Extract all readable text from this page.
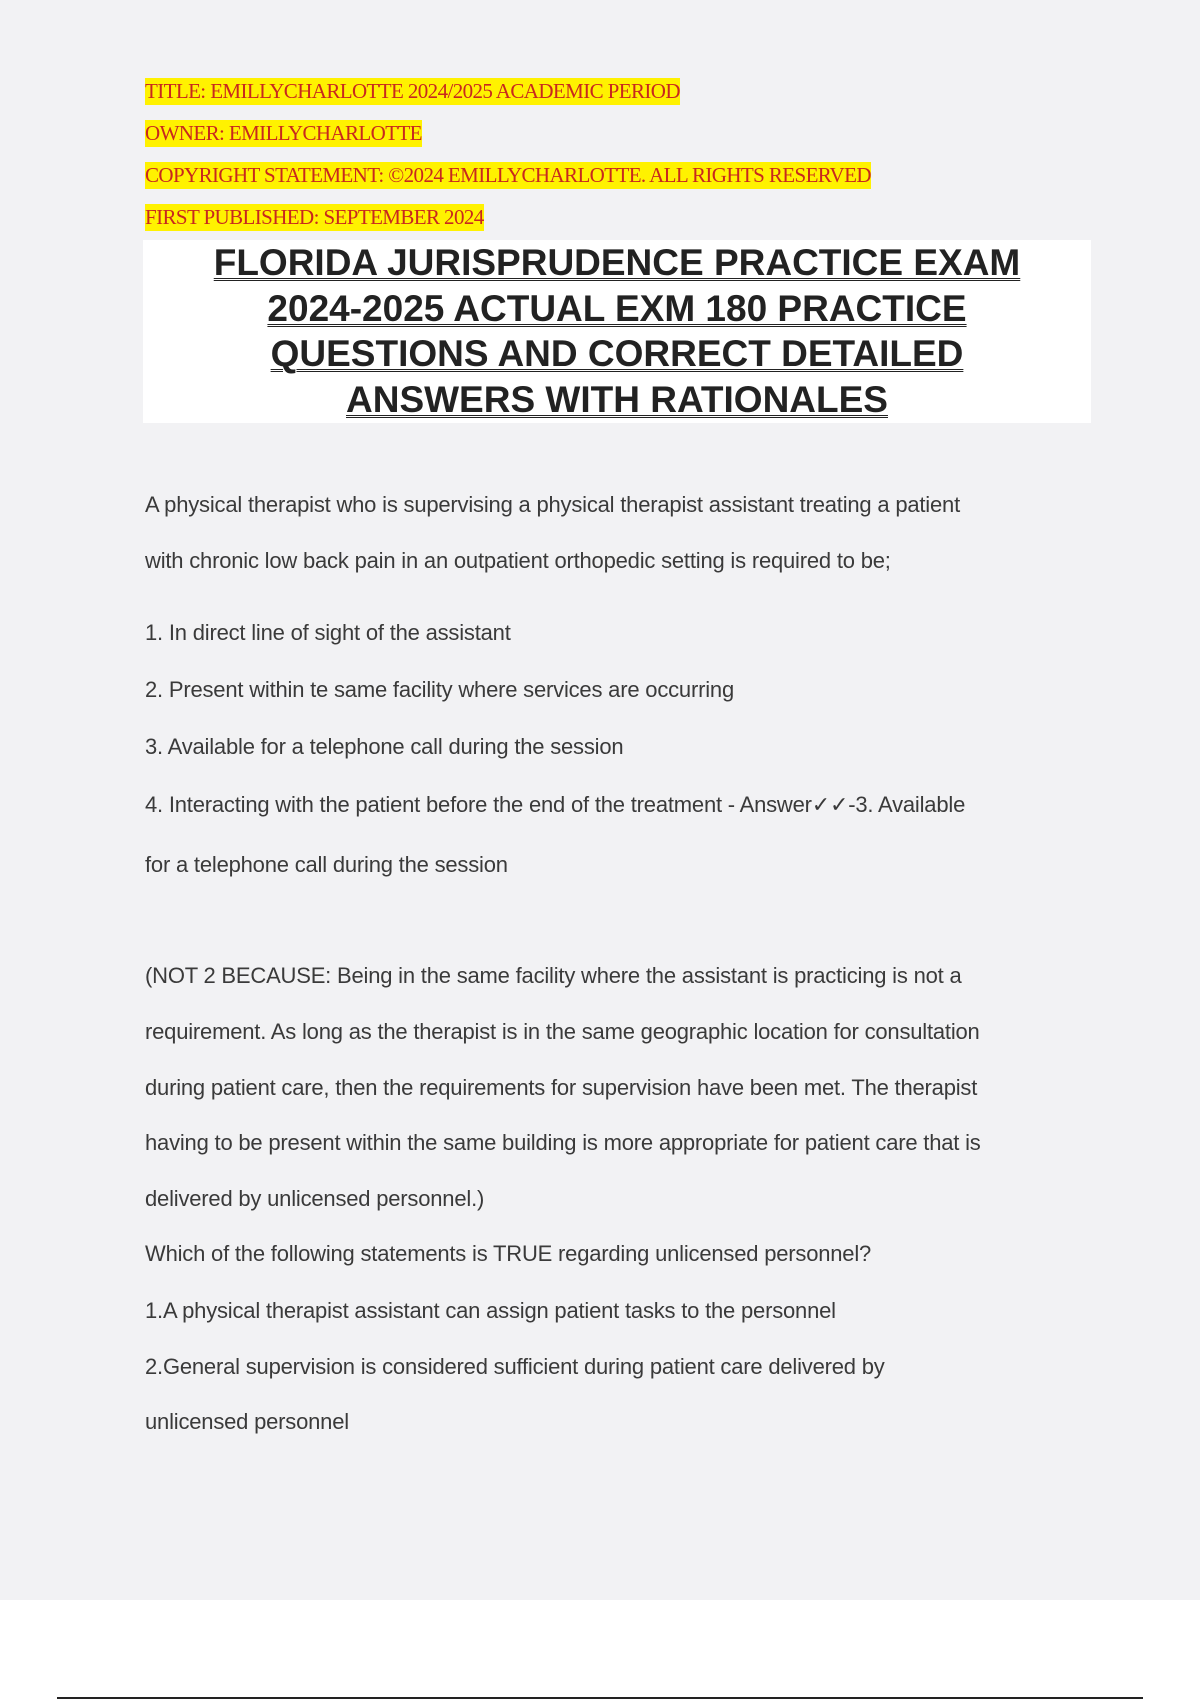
TITLE: EMILLYCHARLOTTE 2024/2025 ACADEMIC PERIOD
OWNER: EMILLYCHARLOTTE
COPYRIGHT STATEMENT: ©2024 EMILLYCHARLOTTE. ALL RIGHTS RESERVED
FIRST PUBLISHED: SEPTEMBER 2024
FLORIDA JURISPRUDENCE PRACTICE EXAM
2024-2025 ACTUAL EXM 180 PRACTICE
QUESTIONS AND CORRECT DETAILED
ANSWERS WITH RATIONALES
A physical therapist who is supervising a physical therapist assistant treating a patient
with chronic low back pain in an outpatient orthopedic setting is required to be;
1. In direct line of sight of the assistant
2. Present within te same facility where services are occurring
3. Available for a telephone call during the session
4. Interacting with the patient before the end of the treatment - Answer✓✓-3. Available
for a telephone call during the session
(NOT 2 BECAUSE: Being in the same facility where the assistant is practicing is not a
requirement. As long as the therapist is in the same geographic location for consultation
during patient care, then the requirements for supervision have been met. The therapist
having to be present within the same building is more appropriate for patient care that is
delivered by unlicensed personnel.)
Which of the following statements is TRUE regarding unlicensed personnel?
1.A physical therapist assistant can assign patient tasks to the personnel
2.General supervision is considered sufficient during patient care delivered by
unlicensed personnel
